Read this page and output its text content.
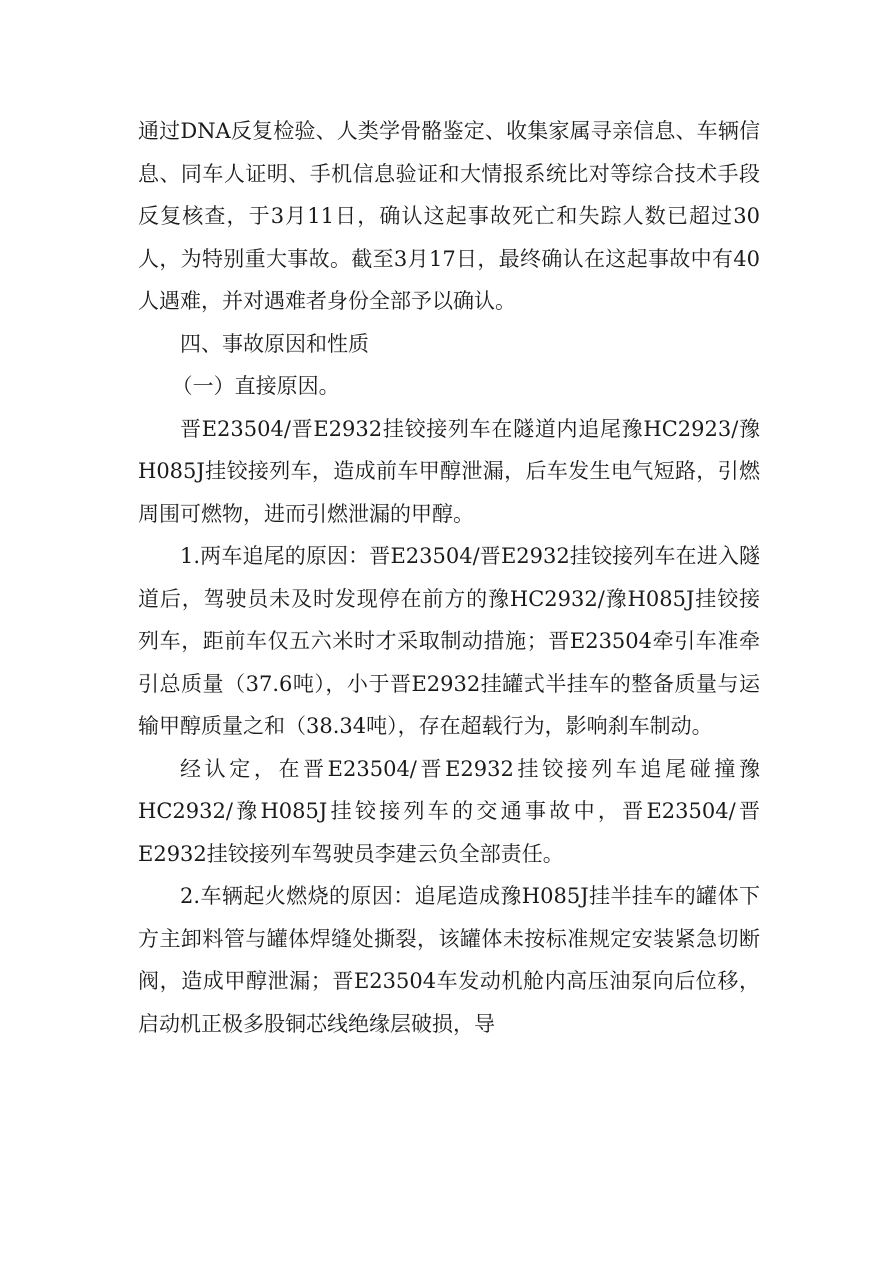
通过DNA反复检验、人类学骨骼鉴定、收集家属寻亲信息、车辆信息、同车人证明、手机信息验证和大情报系统比对等综合技术手段反复核查，于3月11日，确认这起事故死亡和失踪人数已超过30人，为特别重大事故。截至3月17日，最终确认在这起事故中有40人遇难，并对遇难者身份全部予以确认。

四、事故原因和性质

（一）直接原因。

晋E23504/晋E2932挂铰接列车在隧道内追尾豫HC2923/豫H085J挂铰接列车，造成前车甲醇泄漏，后车发生电气短路，引燃周围可燃物，进而引燃泄漏的甲醇。

1.两车追尾的原因：晋E23504/晋E2932挂铰接列车在进入隧道后，驾驶员未及时发现停在前方的豫HC2932/豫H085J挂铰接列车，距前车仅五六米时才采取制动措施；晋E23504牵引车准牵引总质量（37.6吨），小于晋E2932挂罐式半挂车的整备质量与运输甲醇质量之和（38.34吨），存在超载行为，影响刹车制动。

经认定，在晋E23504/晋E2932挂铰接列车追尾碰撞豫HC2932/豫H085J挂铰接列车的交通事故中，晋E23504/晋E2932挂铰接列车驾驶员李建云负全部责任。

2.车辆起火燃烧的原因：追尾造成豫H085J挂半挂车的罐体下方主卸料管与罐体焊缝处撕裂，该罐体未按标准规定安装紧急切断阀，造成甲醇泄漏；晋E23504车发动机舱内高压油泵向后位移，启动机正极多股铜芯线绝缘层破损，导
